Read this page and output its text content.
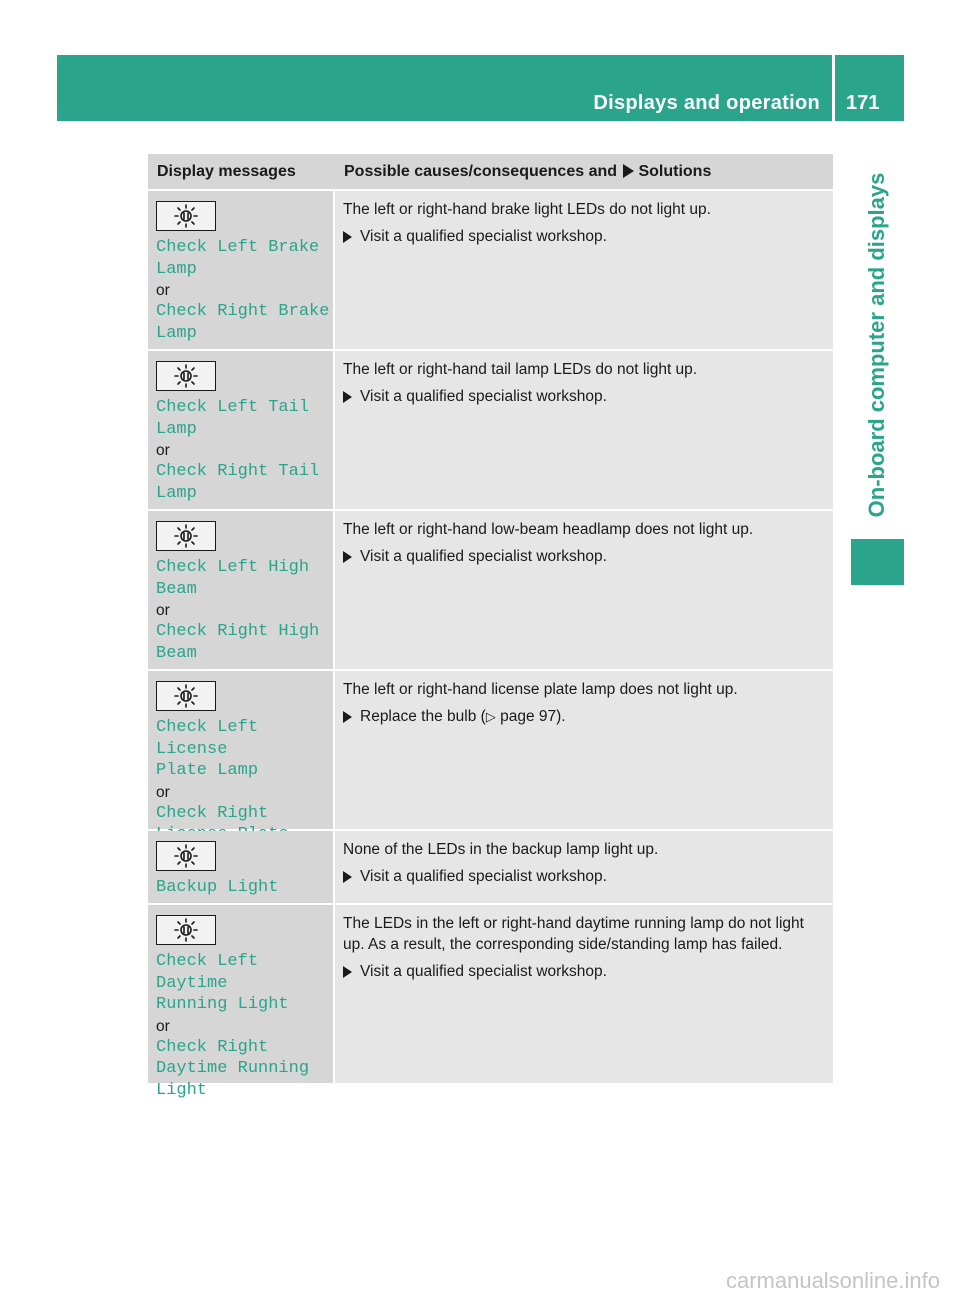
Displays and operation 171
On-board computer and displays
Display messages	Possible causes/consequences and Solutions
Check Left Brake
Lamp
or
Check Right Brake
Lamp

The left or right-hand brake light LEDs do not light up.

Visit a qualified specialist workshop.
Check Left Tail
Lamp
or
Check Right Tail
Lamp

The left or right-hand tail lamp LEDs do not light up.

Visit a qualified specialist workshop.
Check Left High
Beam
or
Check Right High
Beam

The left or right-hand low-beam headlamp does not light up.

Visit a qualified specialist workshop.
Check Left License
Plate Lamp
or
Check Right

The left or right-hand license plate lamp does not light up.

Replace the bulb (▷ page 97).
Backup Light

None of the LEDs in the backup lamp light up.

Visit a qualified specialist workshop.
Check Left Daytime
Running Light
or
Check Right
Daytime Running
Light

The LEDs in the left or right-hand daytime running lamp do not light up. As a result, the corresponding side/standing lamp has failed.

Visit a qualified specialist workshop.
carmanualsonline.info
